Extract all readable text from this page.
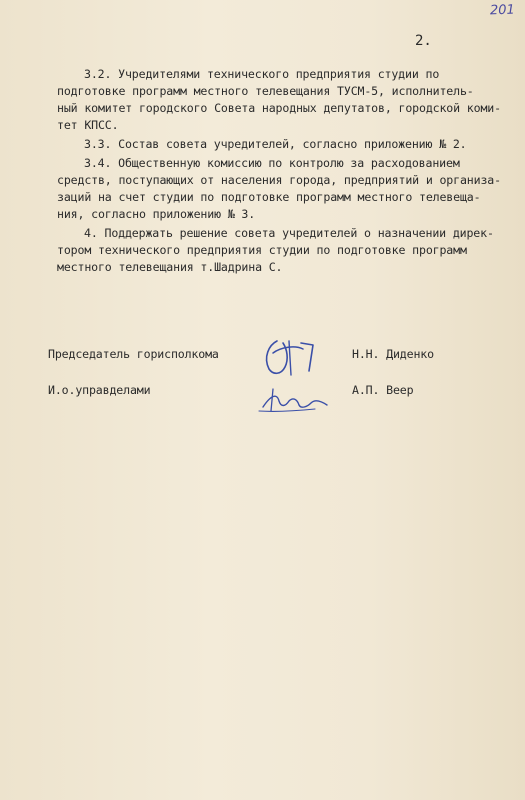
201
2.
3.2. Учредителями технического предприятия студии по
подготовке программ местного телевещания ТУСМ-5, исполнитель-
ный комитет городского Совета народных депутатов, городской коми-
тет КПСС.
3.3. Состав совета учредителей, согласно приложению № 2.
3.4. Общественную комиссию по контролю за расходованием
средств, поступающих от населения города, предприятий и организа-
заций на счет студии по подготовке программ местного телевеща-
ния, согласно приложению № 3.
4. Поддержать решение совета учредителей о назначении дирек-
тором технического предприятия студии по подготовке программ
местного телевещания т.Шадрина С.
Председатель горисполкома	Н.Н. Диденко
И.о.управделами	А.П. Веер
